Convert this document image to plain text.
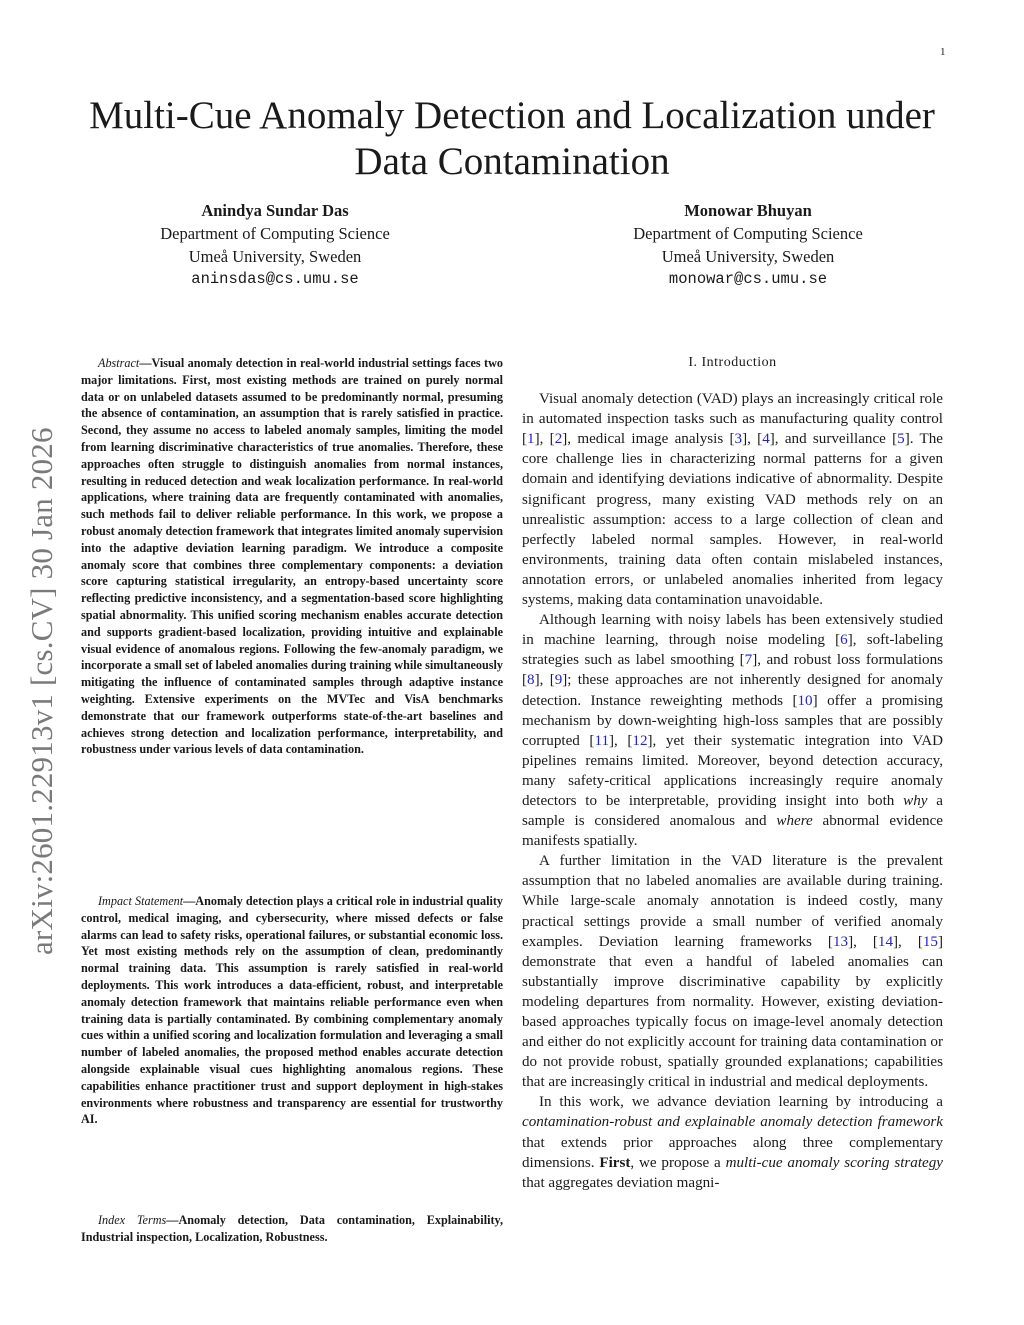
1
arXiv:2601.22913v1 [cs.CV] 30 Jan 2026
Multi-Cue Anomaly Detection and Localization under Data Contamination
Anindya Sundar Das
Department of Computing Science
Umeå University, Sweden
aninsdas@cs.umu.se
Monowar Bhuyan
Department of Computing Science
Umeå University, Sweden
monowar@cs.umu.se

Abstract—Visual anomaly detection in real-world industrial settings faces two major limitations. First, most existing methods are trained on purely normal data or on unlabeled datasets assumed to be predominantly normal, presuming the absence of contamination, an assumption that is rarely satisfied in practice. Second, they assume no access to labeled anomaly samples, limiting the model from learning discriminative characteristics of true anomalies. Therefore, these approaches often struggle to distinguish anomalies from normal instances, resulting in reduced detection and weak localization performance. In real-world applications, where training data are frequently contaminated with anomalies, such methods fail to deliver reliable performance. In this work, we propose a robust anomaly detection framework that integrates limited anomaly supervision into the adaptive deviation learning paradigm. We introduce a composite anomaly score that combines three complementary components: a deviation score capturing statistical irregularity, an entropy-based uncertainty score reflecting predictive inconsistency, and a segmentation-based score highlighting spatial abnormality. This unified scoring mechanism enables accurate detection and supports gradient-based localization, providing intuitive and explainable visual evidence of anomalous regions. Following the few-anomaly paradigm, we incorporate a small set of labeled anomalies during training while simultaneously mitigating the influence of contaminated samples through adaptive instance weighting. Extensive experiments on the MVTec and VisA benchmarks demonstrate that our framework outperforms state-of-the-art baselines and achieves strong detection and localization performance, interpretability, and robustness under various levels of data contamination.

Impact Statement—Anomaly detection plays a critical role in industrial quality control, medical imaging, and cybersecurity, where missed defects or false alarms can lead to safety risks, operational failures, or substantial economic loss. Yet most existing methods rely on the assumption of clean, predominantly normal training data. This assumption is rarely satisfied in real-world deployments. This work introduces a data-efficient, robust, and interpretable anomaly detection framework that maintains reliable performance even when training data is partially contaminated. By combining complementary anomaly cues within a unified scoring and localization formulation and leveraging a small number of labeled anomalies, the proposed method enables accurate detection alongside explainable visual cues highlighting anomalous regions. These capabilities enhance practitioner trust and support deployment in high-stakes environments where robustness and transparency are essential for trustworthy AI.

Index Terms—Anomaly detection, Data contamination, Explainability, Industrial inspection, Localization, Robustness.

I. Introduction

Visual anomaly detection (VAD) plays an increasingly critical role in automated inspection tasks such as manufacturing quality control [1], [2], medical image analysis [3], [4], and surveillance [5]. The core challenge lies in characterizing normal patterns for a given domain and identifying deviations indicative of abnormality. Despite significant progress, many existing VAD methods rely on an unrealistic assumption: access to a large collection of clean and perfectly labeled normal samples. However, in real-world environments, training data often contain mislabeled instances, annotation errors, or unlabeled anomalies inherited from legacy systems, making data contamination unavoidable.

Although learning with noisy labels has been extensively studied in machine learning, through noise modeling [6], soft-labeling strategies such as label smoothing [7], and robust loss formulations [8], [9]; these approaches are not inherently designed for anomaly detection. Instance reweighting methods [10] offer a promising mechanism by down-weighting high-loss samples that are possibly corrupted [11], [12], yet their systematic integration into VAD pipelines remains limited. Moreover, beyond detection accuracy, many safety-critical applications increasingly require anomaly detectors to be interpretable, providing insight into both why a sample is considered anomalous and where abnormal evidence manifests spatially.

A further limitation in the VAD literature is the prevalent assumption that no labeled anomalies are available during training. While large-scale anomaly annotation is indeed costly, many practical settings provide a small number of verified anomaly examples. Deviation learning frameworks [13], [14], [15] demonstrate that even a handful of labeled anomalies can substantially improve discriminative capability by explicitly modeling departures from normality. However, existing deviation-based approaches typically focus on image-level anomaly detection and either do not explicitly account for training data contamination or do not provide robust, spatially grounded explanations; capabilities that are increasingly critical in industrial and medical deployments.

In this work, we advance deviation learning by introducing a contamination-robust and explainable anomaly detection framework that extends prior approaches along three complementary dimensions. First, we propose a multi-cue anomaly scoring strategy that aggregates deviation magni-
